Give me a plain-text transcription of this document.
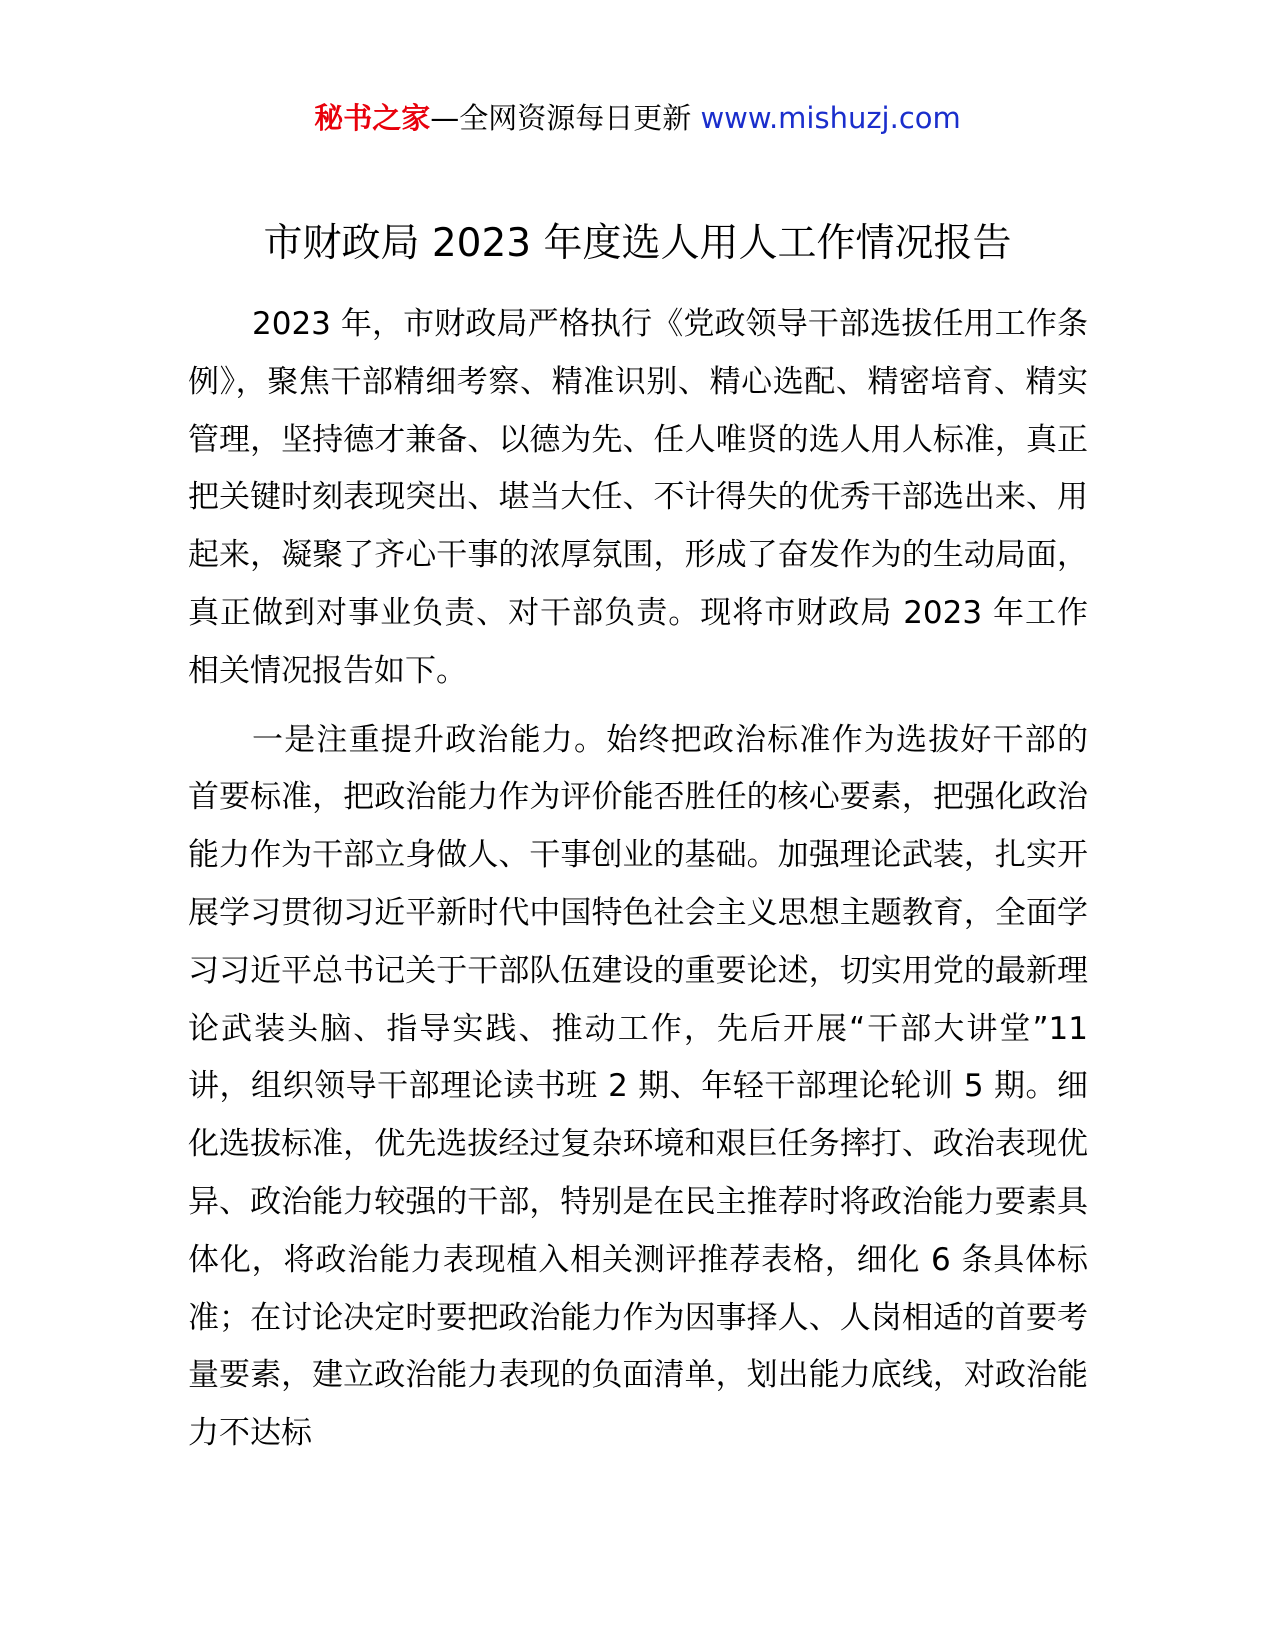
秘书之家—全网资源每日更新 www.mishuzj.com
市财政局 2023 年度选人用人工作情况报告

2023 年，市财政局严格执行《党政领导干部选拔任用工作条例》，聚焦干部精细考察、精准识别、精心选配、精密培育、精实管理，坚持德才兼备、以德为先、任人唯贤的选人用人标准，真正把关键时刻表现突出、堪当大任、不计得失的优秀干部选出来、用起来，凝聚了齐心干事的浓厚氛围，形成了奋发作为的生动局面，真正做到对事业负责、对干部负责。现将市财政局 2023 年工作相关情况报告如下。

一是注重提升政治能力。始终把政治标准作为选拔好干部的首要标准，把政治能力作为评价能否胜任的核心要素，把强化政治能力作为干部立身做人、干事创业的基础。加强理论武装，扎实开展学习贯彻习近平新时代中国特色社会主义思想主题教育，全面学习习近平总书记关于干部队伍建设的重要论述，切实用党的最新理论武装头脑、指导实践、推动工作，先后开展“干部大讲堂”11 讲，组织领导干部理论读书班 2 期、年轻干部理论轮训 5 期。细化选拔标准，优先选拔经过复杂环境和艰巨任务摔打、政治表现优异、政治能力较强的干部，特别是在民主推荐时将政治能力要素具体化，将政治能力表现植入相关测评推荐表格，细化 6 条具体标准；在讨论决定时要把政治能力作为因事择人、人岗相适的首要考量要素，建立政治能力表现的负面清单，划出能力底线，对政治能力不达标
